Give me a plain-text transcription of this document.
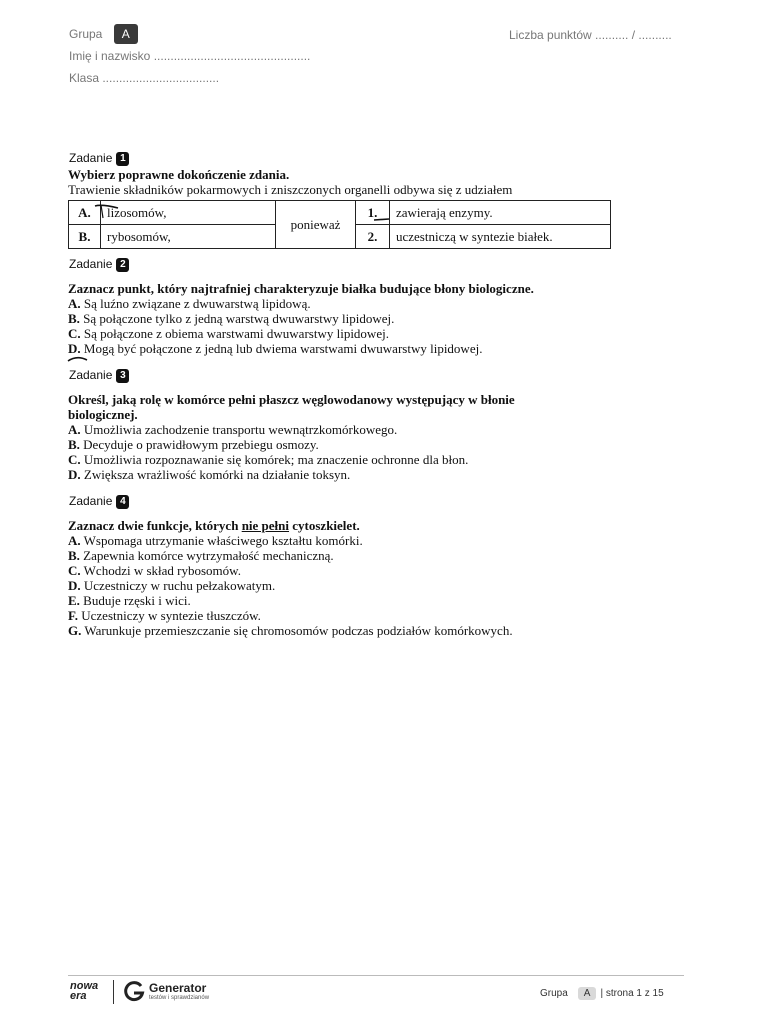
Grupa A	Liczba punktów .......... / ..........
Imię i nazwisko ...............................................
Klasa ...................................
Zadanie 1
Wybierz poprawne dokończenie zdania.
Trawienie składników pokarmowych i zniszczonych organelli odbywa się z udziałem
A.	lizosomów,	ponieważ	1.	zawierają enzymy.
B.	rybosomów,		2.	uczestniczą w syntezie białek.
Zadanie 2
Zaznacz punkt, który najtrafniej charakteryzuje białka budujące błony biologiczne.
A. Są luźno związane z dwuwarstwą lipidową.
B. Są połączone tylko z jedną warstwą dwuwarstwy lipidowej.
C. Są połączone z obiema warstwami dwuwarstwy lipidowej.
D. Mogą być połączone z jedną lub dwiema warstwami dwuwarstwy lipidowej.
Zadanie 3
Określ, jaką rolę w komórce pełni płaszcz węglowodanowy występujący w błonie
biologicznej.
A. Umożliwia zachodzenie transportu wewnątrzkomórkowego.
B. Decyduje o prawidłowym przebiegu osmozy.
C. Umożliwia rozpoznawanie się komórek; ma znaczenie ochronne dla błon.
D. Zwiększa wrażliwość komórki na działanie toksyn.
Zadanie 4
Zaznacz dwie funkcje, których nie pełni cytoszkielet.
A. Wspomaga utrzymanie właściwego kształtu komórki.
B. Zapewnia komórce wytrzymałość mechaniczną.
C. Wchodzi w skład rybosomów.
D. Uczestniczy w ruchu pełzakowatym.
E. Buduje rzęski i wici.
F. Uczestniczy w syntezie tłuszczów.
G. Warunkuje przemieszczanie się chromosomów podczas podziałów komórkowych.
nowa
era
Generator
testów i sprawdzianów	Grupa A | strona 1 z 15
